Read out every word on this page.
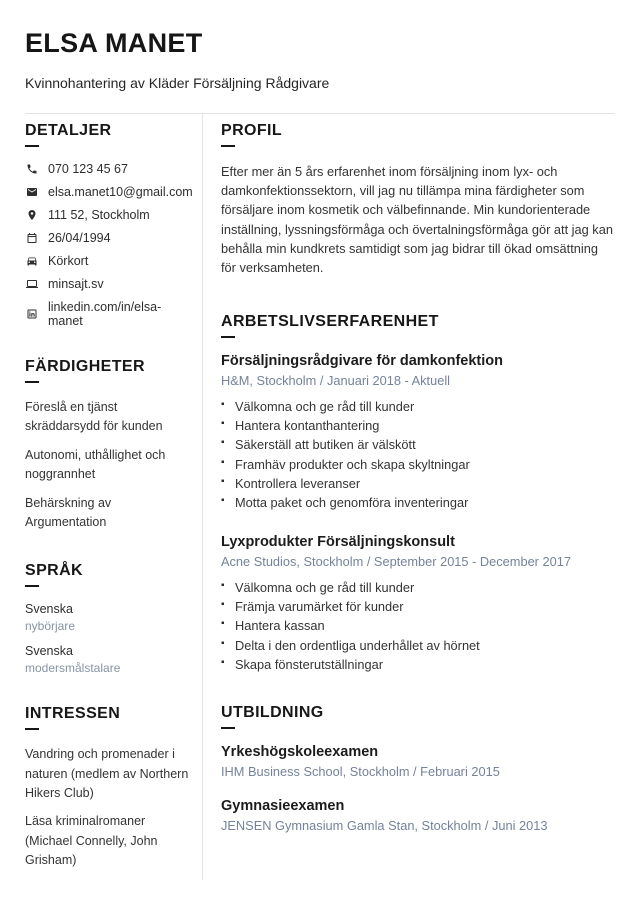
ELSA MANET
Kvinnohantering av Kläder Försäljning Rådgivare
DETALJER
070 123 45 67
elsa.manet10@gmail.com
111 52, Stockholm
26/04/1994
Körkort
minsajt.sv
linkedin.com/in/elsa-manet
FÄRDIGHETER
Föreslå en tjänst skräddarsydd för kunden
Autonomi, uthållighet och noggrannhet
Behärskning av Argumentation
SPRÅK
Svenska
nybörjare
Svenska
modersmålstalare
INTRESSEN
Vandring och promenader i naturen (medlem av Northern Hikers Club)
Läsa kriminalromaner (Michael Connelly, John Grisham)
PROFIL

Efter mer än 5 års erfarenhet inom försäljning inom lyx- och damkonfektionssektorn, vill jag nu tillämpa mina färdigheter som försäljare inom kosmetik och välbefinnande. Min kundorienterade inställning, lyssningsförmåga och övertalningsförmåga gör att jag kan behålla min kundkrets samtidigt som jag bidrar till ökad omsättning för verksamheten.

ARBETSLIVSERFARENHET
Försäljningsrådgivare för damkonfektion
H&M, Stockholm / Januari 2018 - Aktuell
▪ Välkomna och ge råd till kunder
▪ Hantera kontanthantering
▪ Säkerställ att butiken är välskött
▪ Framhäv produkter och skapa skyltningar
▪ Kontrollera leveranser
▪ Motta paket och genomföra inventeringar
Lyxprodukter Försäljningskonsult
Acne Studios, Stockholm / September 2015 - December 2017
▪ Välkomna och ge råd till kunder
▪ Främja varumärket för kunder
▪ Hantera kassan
▪ Delta i den ordentliga underhållet av hörnet
▪ Skapa fönsterutställningar
UTBILDNING
Yrkeshögskoleexamen
IHM Business School, Stockholm / Februari 2015
Gymnasieexamen
JENSEN Gymnasium Gamla Stan, Stockholm / Juni 2013
